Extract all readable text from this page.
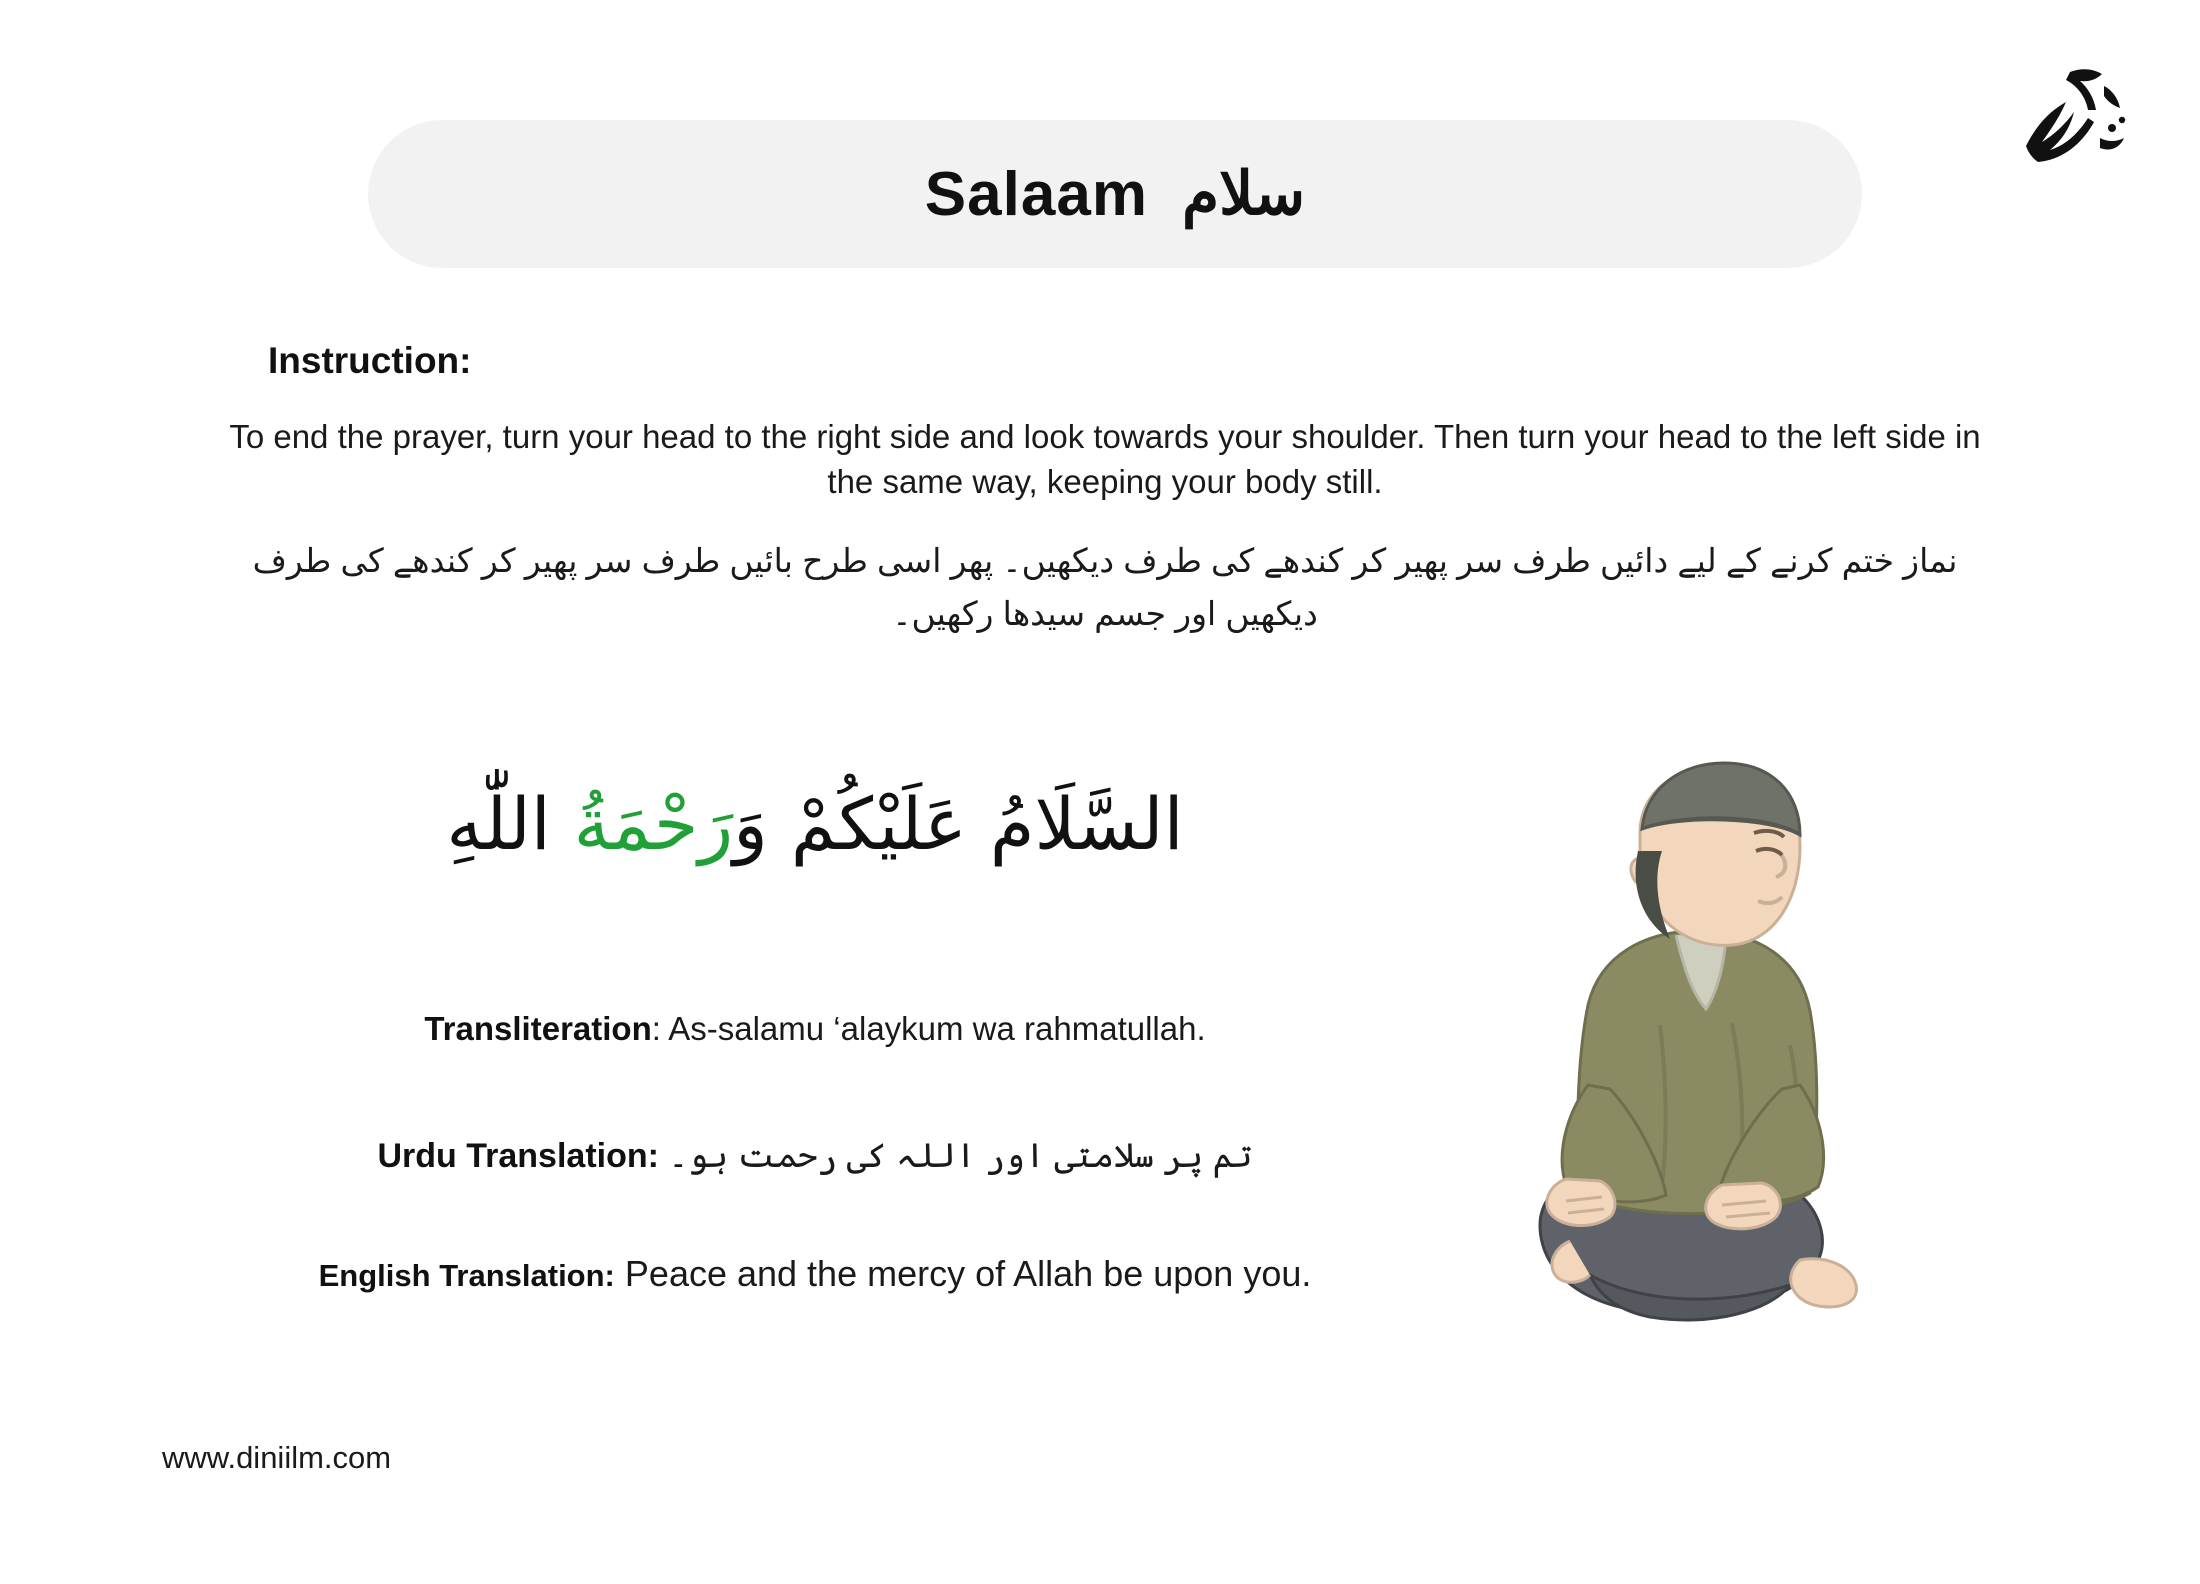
Salaam سلام
Instruction:
To end the prayer, turn your head to the right side and look towards your shoulder. Then turn your head to the left side in the same way, keeping your body still.
نماز ختم کرنے کے لیے دائیں طرف سر پھیر کر کندھے کی طرف دیکھیں۔ پھر اسی طرح بائیں طرف سر پھیر کر کندھے کی طرف دیکھیں اور جسم سیدھا رکھیں۔
السَّلَامُ عَلَيْكُمْ وَرَحْمَةُ اللّٰهِ
Transliteration: As-salamu ‘alaykum wa rahmatullah.
Urdu Translation: تم پر سلامتی اور اللہ کی رحمت ہو۔
English Translation: Peace and the mercy of Allah be upon you.
www.diniilm.com
